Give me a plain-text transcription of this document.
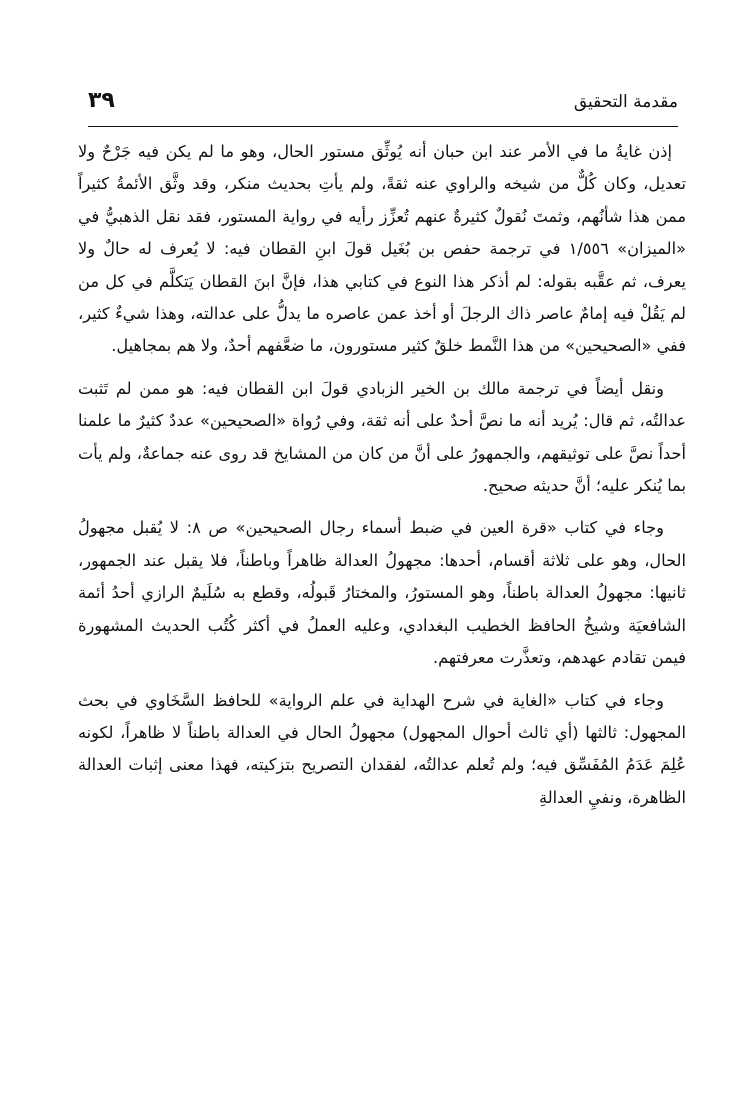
مقدمة التحقيق
٣٩

إذن غايةُ ما في الأمر عند ابن حبان أنه يُوثِّق مستور الحال، وهو ما لم يكن فيه جَرْحٌ ولا تعديل، وكان كُلٌّ من شيخه والراوي عنه ثقةً، ولم يأتِ بحديث منكر، وقد وثَّق الأئمةُ كثيراً ممن هذا شأنُهم، وثمتَ نُقولٌ كثيرةٌ عنهم تُعزِّز رأيه في رواية المستور، فقد نقل الذهبيُّ في «الميزان» ١/٥٥٦ في ترجمة حفص بن بُغَيل قولَ ابنِ القطان فيه: لا يُعرف له حالٌ ولا يعرف، ثم عقَّبه بقوله: لم أذكر هذا النوع في كتابي هذا، فإنَّ ابنَ القطان يَتكلَّم في كل من لم يَقُلْ فيه إمامٌ عاصر ذاك الرجلَ أو أخذ عمن عاصره ما يدلُّ على عدالته، وهذا شيءٌ كثير، ففي «الصحيحين» من هذا النَّمط خلقٌ كثير مستورون، ما ضعَّفهم أحدٌ، ولا هم بمجاهيل.

ونقل أيضاً في ترجمة مالك بن الخير الزبادي قولَ ابن القطان فيه: هو ممن لم تَثبت عدالتُه، ثم قال: يُريد أنه ما نصَّ أحدٌ على أنه ثقة، وفي رُواة «الصحيحين» عددٌ كثيرٌ ما علمنا أحداً نصَّ على توثيقهم، والجمهورُ على أنَّ من كان من المشايخ قد روى عنه جماعةٌ، ولم يأت بما يُنكر عليه؛ أنَّ حديثه صحيح.

وجاء في كتاب «قرة العين في ضبط أسماء رجال الصحيحين» ص ٨: لا يُقبل مجهولُ الحال، وهو على ثلاثة أقسام، أحدها: مجهولُ العدالة ظاهراً وباطناً، فلا يقبل عند الجمهور، ثانيها: مجهولُ العدالة باطناً، وهو المستورُ، والمختارُ قَبولُه، وقطع به سُلَيمٌ الرازي أحدُ أئمة الشافعيَة وشيخُ الحافظ الخطيب البغدادي، وعليه العملُ في أكثر كُتُب الحديث المشهورة فيمن تقادم عهدهم، وتعذَّرت معرفتهم.

وجاء في كتاب «الغاية في شرح الهداية في علم الرواية» للحافظ السَّخَاوي في بحث المجهول: ثالثها (أي ثالث أحوال المجهول) مجهولُ الحال في العدالة باطناً لا ظاهراً، لكونه عُلِمَ عَدَمُ المُفَسِّق فيه؛ ولم تُعلم عدالتُه، لفقدان التصريح بتزكيته، فهذا معنى إثبات العدالة الظاهرة، ونفيِ العدالةِ
